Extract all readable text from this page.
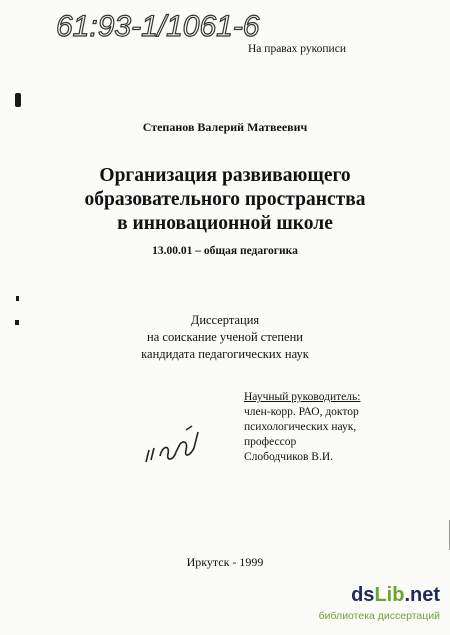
61:93-1/1061-6
На правах рукописи
Степанов Валерий Матвеевич
Организация развивающего
образовательного пространства
в инновационной школе
13.00.01 – общая педагогика
Диссертация
на соискание ученой степени
кандидата педагогических наук
Научный руководитель:
член-корр. РАО, доктор
психологических наук,
профессор
Слободчиков В.И.
Иркутск - 1999
dsLib.net
библиотека диссертаций
